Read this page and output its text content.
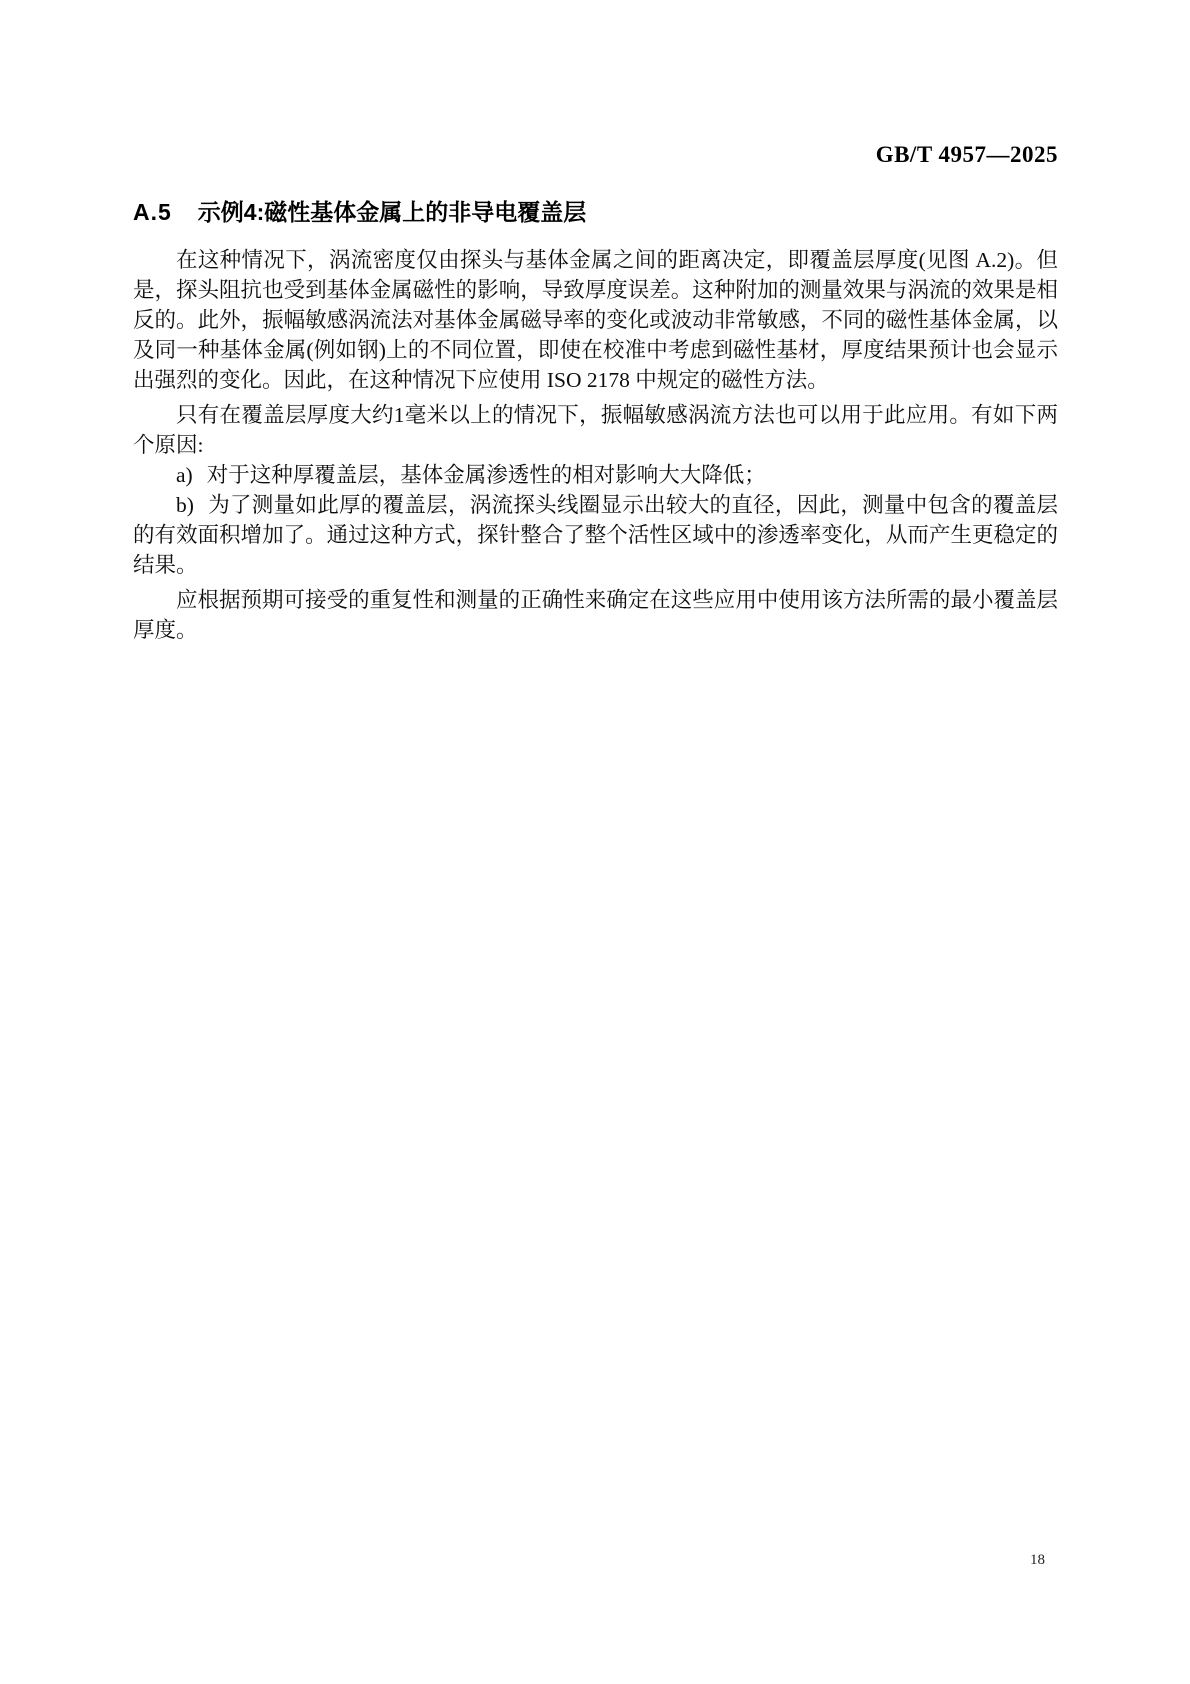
GB/T 4957—2025
A.5 示例4:磁性基体金属上的非导电覆盖层

在这种情况下，涡流密度仅由探头与基体金属之间的距离决定，即覆盖层厚度(见图 A.2)。但是，探头阻抗也受到基体金属磁性的影响，导致厚度误差。这种附加的测量效果与涡流的效果是相反的。此外，振幅敏感涡流法对基体金属磁导率的变化或波动非常敏感，不同的磁性基体金属，以及同一种基体金属(例如钢)上的不同位置，即使在校准中考虑到磁性基材，厚度结果预计也会显示出强烈的变化。因此，在这种情况下应使用 ISO 2178 中规定的磁性方法。

只有在覆盖层厚度大约1毫米以上的情况下，振幅敏感涡流方法也可以用于此应用。有如下两个原因:

a) 对于这种厚覆盖层，基体金属渗透性的相对影响大大降低；

b) 为了测量如此厚的覆盖层，涡流探头线圈显示出较大的直径，因此，测量中包含的覆盖层的有效面积增加了。通过这种方式，探针整合了整个活性区域中的渗透率变化，从而产生更稳定的结果。

应根据预期可接受的重复性和测量的正确性来确定在这些应用中使用该方法所需的最小覆盖层厚度。

18
